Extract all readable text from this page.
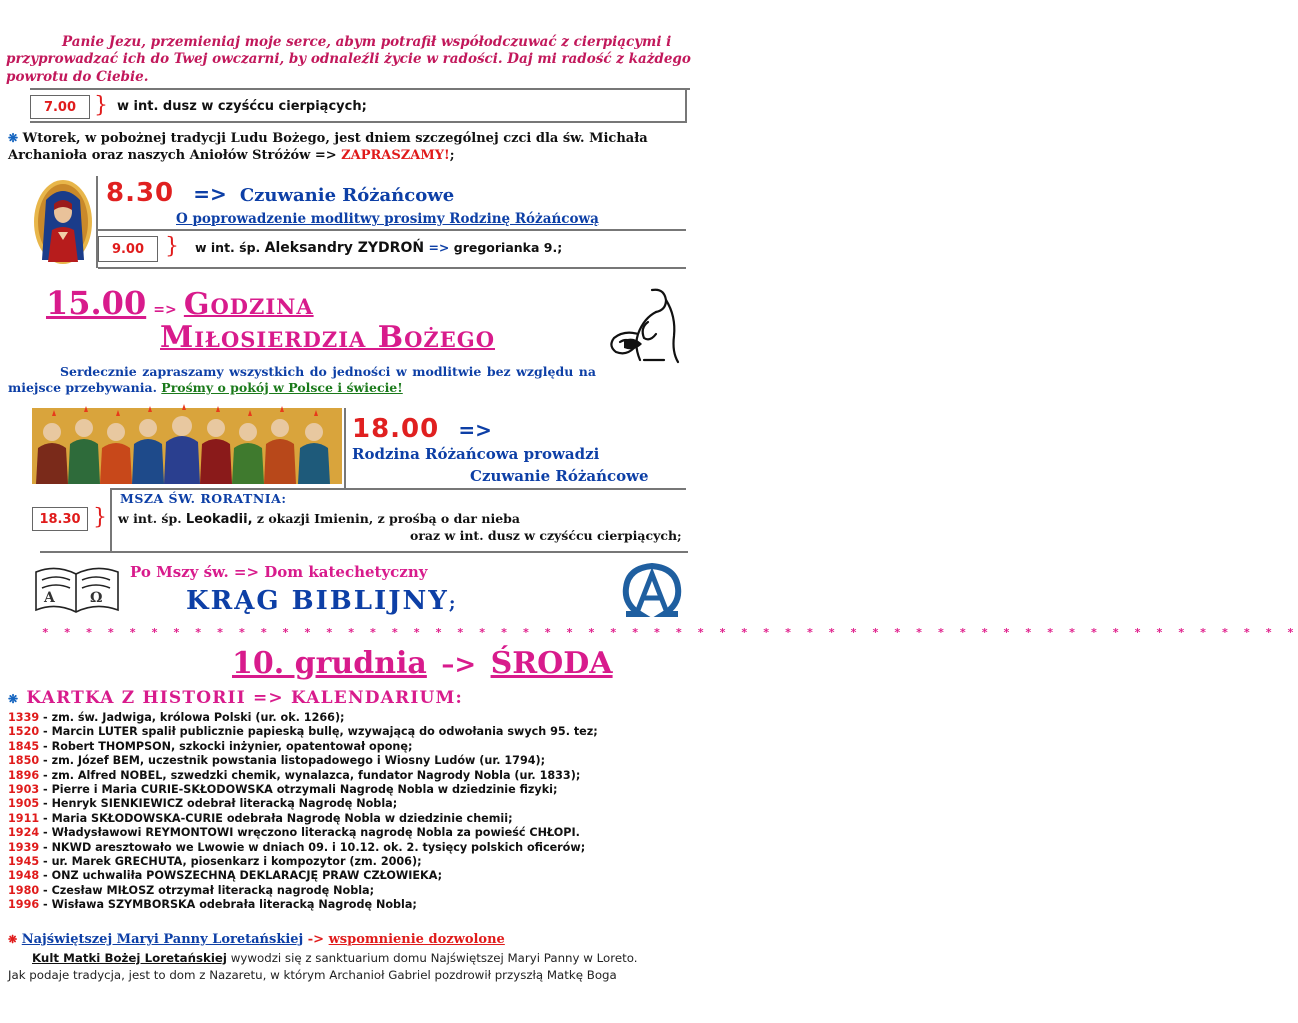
Panie Jezu, przemieniaj moje serce, abym potrafił współodczuwać z cierpiącymi i przyprowadzać ich do Twej owczarni, by odnaleźli życie w radości. Daj mi radość z każdego powrotu do Ciebie.
7.00 } w int. dusz w czyśćcu cierpiących;
❋ Wtorek, w pobożnej tradycji Ludu Bożego, jest dniem szczególnej czci dla św. Michała Archanioła oraz naszych Aniołów Stróżów => ZAPRASZAMY!;
8.30 => Czuwanie Różańcowe
O poprowadzenie modlitwy prosimy Rodzinę Różańcową
9.00 } w int. śp. Aleksandry ZYDROŃ => gregorianka 9.;
15.00 => Godzina
Miłosierdzia Bożego
Serdecznie zapraszamy wszystkich do jedności w modlitwie bez względu na miejsce przebywania. Prośmy o pokój w Polsce i świecie!
18.00 =>
Rodzina Różańcowa prowadzi
Czuwanie Różańcowe
MSZA ŚW. RORATNIA:
18.30 } w int. śp. Leokadii, z okazji Imienin, z prośbą o dar nieba
oraz w int. dusz w czyśćcu cierpiących;
A	Ω
Po Mszy św. => Dom katechetyczny
KRĄG BIBLIJNY;
* * * * * * * * * * * * * * * * * * * * * * * * * * * * * * * * * * * * * * * * * * * * * * * * * * * * * * * * * *
10. grudnia –> ŚRODA
❋ KARTKA Z HISTORII => KALENDARIUM:
1339 - zm. św. Jadwiga, królowa Polski (ur. ok. 1266);
1520 - Marcin LUTER spalił publicznie papieską bullę, wzywającą do odwołania swych 95. tez;
1845 - Robert THOMPSON, szkocki inżynier, opatentował oponę;
1850 - zm. Józef BEM, uczestnik powstania listopadowego i Wiosny Ludów (ur. 1794);
1896 - zm. Alfred NOBEL, szwedzki chemik, wynalazca, fundator Nagrody Nobla (ur. 1833);
1903 - Pierre i Maria CURIE-SKŁODOWSKA otrzymali Nagrodę Nobla w dziedzinie fizyki;
1905 - Henryk SIENKIEWICZ odebrał literacką Nagrodę Nobla;
1911 - Maria SKŁODOWSKA-CURIE odebrała Nagrodę Nobla w dziedzinie chemii;
1924 - Władysławowi REYMONTOWI wręczono literacką nagrodę Nobla za powieść CHŁOPI.
1939 - NKWD aresztowało we Lwowie w dniach 09. i 10.12. ok. 2. tysięcy polskich oficerów;
1945 - ur. Marek GRECHUTA, piosenkarz i kompozytor (zm. 2006);
1948 - ONZ uchwaliła POWSZECHNĄ DEKLARACJĘ PRAW CZŁOWIEKA;
1980 - Czesław MIŁOSZ otrzymał literacką nagrodę Nobla;
1996 - Wisława SZYMBORSKA odebrała literacką Nagrodę Nobla;
❋ Najświętszej Maryi Panny Loretańskiej -> wspomnienie dozwolone
Kult Matki Bożej Loretańskiej wywodzi się z sanktuarium domu Najświętszej Maryi Panny w Loreto.
Jak podaje tradycja, jest to dom z Nazaretu, w którym Archanioł Gabriel pozdrowił przyszłą Matkę Boga
